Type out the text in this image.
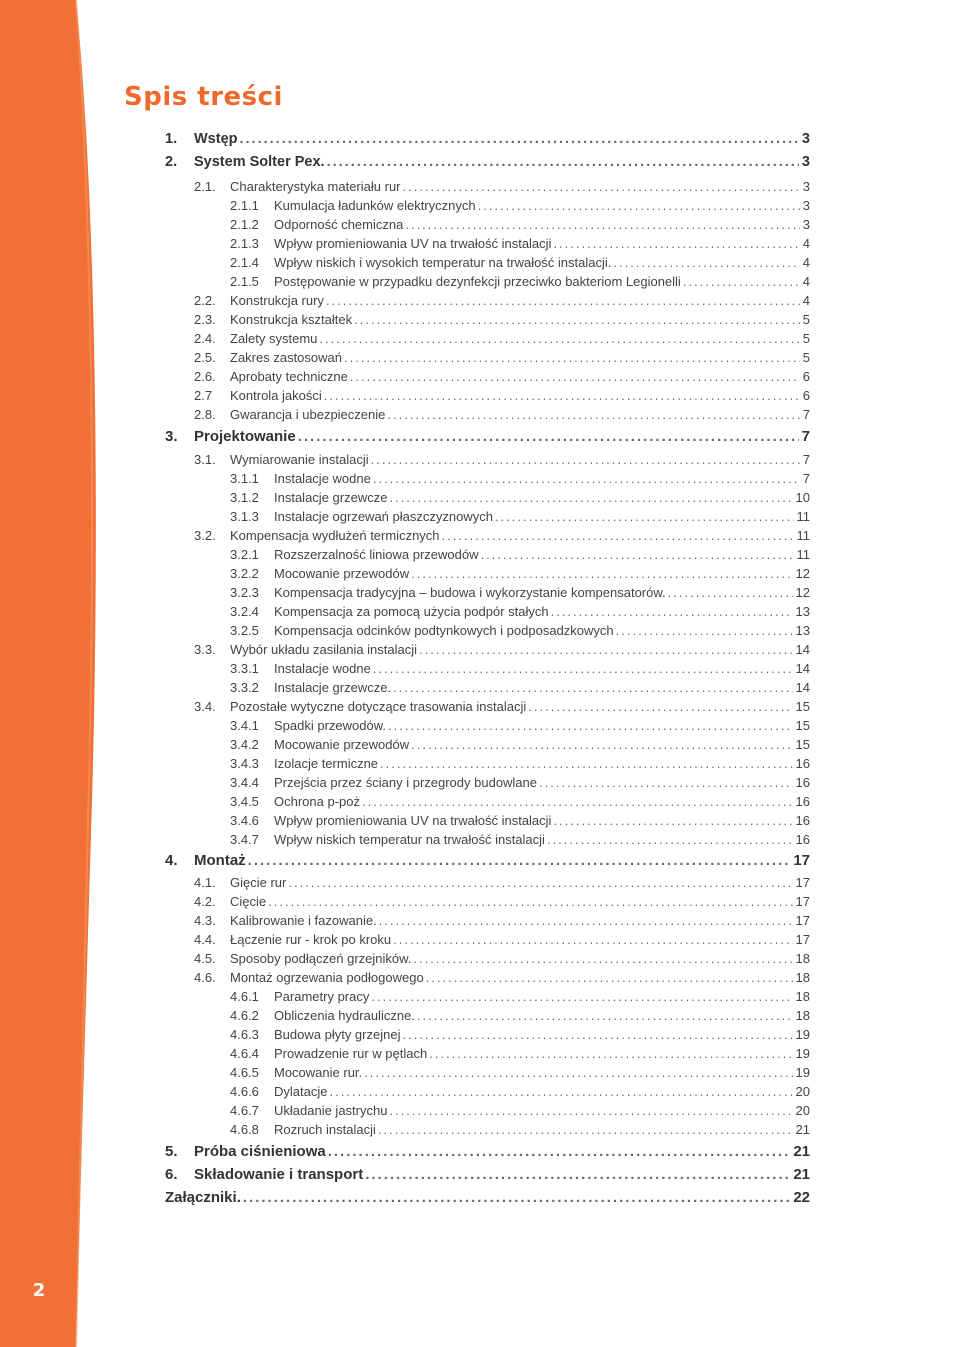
2
Spis treści
1.	Wstęp .....	3
2.	System Solter Pex. .....	3
2.1.	Charakterystyka materiału rur .....	3
2.1.1	Kumulacja ładunków elektrycznych .....	3
2.1.2	Odporność chemiczna .....	3
2.1.3	Wpływ promieniowania UV na trwałość instalacji .....	4
2.1.4	Wpływ niskich i wysokich temperatur na trwałość instalacji. .....	4
2.1.5	Postępowanie w przypadku dezynfekcji przeciwko bakteriom Legionelli .....	4
2.2.	Konstrukcja rury .....	4
2.3.	Konstrukcja kształtek .....	5
2.4.	Zalety systemu .....	5
2.5.	Zakres zastosowań .....	5
2.6.	Aprobaty techniczne .....	6
2.7	Kontrola jakości .....	6
2.8.	Gwarancja i ubezpieczenie .....	7
3.	Projektowanie .....	7
3.1.	Wymiarowanie instalacji .....	7
3.1.1	Instalacje wodne .....	7
3.1.2	Instalacje grzewcze .....	10
3.1.3	Instalacje ogrzewań płaszczyznowych .....	11
3.2.	Kompensacja wydłużeń termicznych .....	11
3.2.1	Rozszerzalność liniowa przewodów .....	11
3.2.2	Mocowanie przewodów .....	12
3.2.3	Kompensacja tradycyjna – budowa i wykorzystanie kompensatorów. .....	12
3.2.4	Kompensacja za pomocą użycia podpór stałych .....	13
3.2.5	Kompensacja odcinków podtynkowych i podposadzkowych .....	13
3.3.	Wybór układu zasilania instalacji .....	14
3.3.1	Instalacje wodne .....	14
3.3.2	Instalacje grzewcze. .....	14
3.4.	Pozostałe wytyczne dotyczące trasowania instalacji .....	15
3.4.1	Spadki przewodów. .....	15
3.4.2	Mocowanie przewodów .....	15
3.4.3	Izolacje termiczne .....	16
3.4.4	Przejścia przez ściany i przegrody budowlane .....	16
3.4.5	Ochrona p-poż .....	16
3.4.6	Wpływ promieniowania UV na trwałość instalacji .....	16
3.4.7	Wpływ niskich temperatur na trwałość instalacji .....	16
4.	Montaż .....	17
4.1.	Gięcie rur .....	17
4.2.	Cięcie .....	17
4.3.	Kalibrowanie i fazowanie. .....	17
4.4.	Łączenie rur - krok po kroku .....	17
4.5.	Sposoby podłączeń grzejników. .....	18
4.6.	Montaż ogrzewania podłogowego .....	18
4.6.1	Parametry pracy .....	18
4.6.2	Obliczenia hydrauliczne. .....	18
4.6.3	Budowa płyty grzejnej .....	19
4.6.4	Prowadzenie rur w pętlach .....	19
4.6.5	Mocowanie rur. .....	19
4.6.6	Dylatacje .....	20
4.6.7	Układanie jastrychu .....	20
4.6.8	Rozruch instalacji .....	21
5.	Próba ciśnieniowa .....	21
6.	Składowanie i transport .....	21
Załączniki. .....	22
